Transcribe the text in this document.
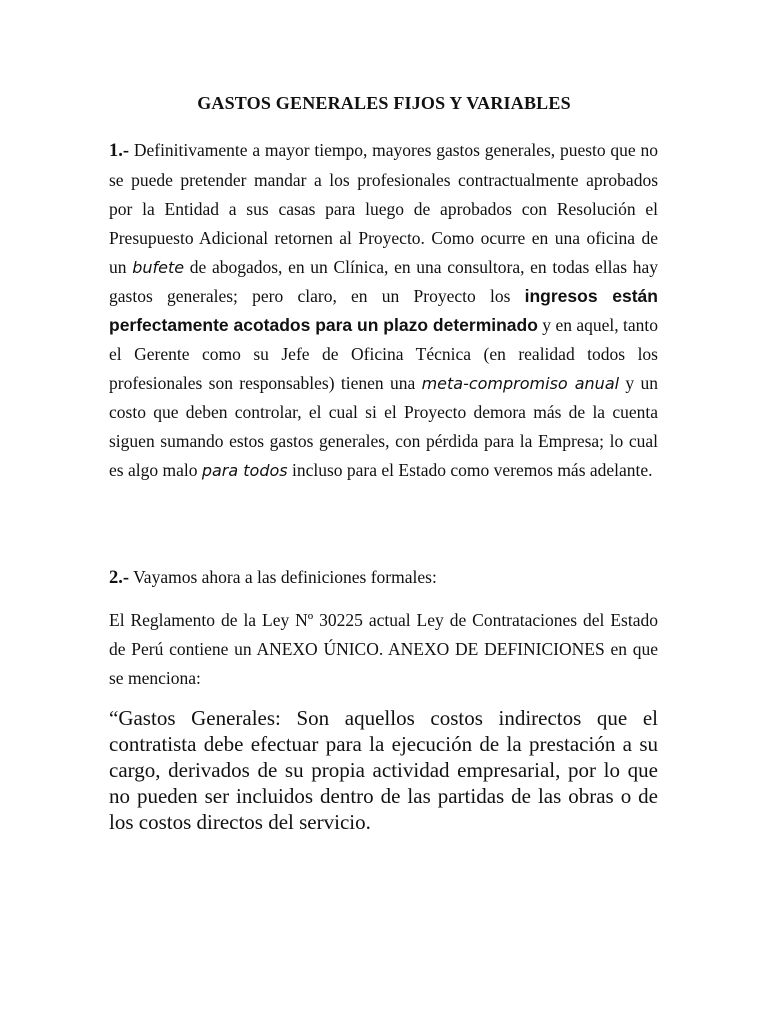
GASTOS GENERALES FIJOS Y VARIABLES

1.- Definitivamente a mayor tiempo, mayores gastos generales, puesto que no se puede pretender mandar a los profesionales contractualmente aprobados por la Entidad a sus casas para luego de aprobados con Resolución el Presupuesto Adicional retornen al Proyecto. Como ocurre en una oficina de un bufete de abogados, en un Clínica, en una consultora, en todas ellas hay gastos generales; pero claro, en un Proyecto los ingresos están perfectamente acotados para un plazo determinado y en aquel, tanto el Gerente como su Jefe de Oficina Técnica (en realidad todos los profesionales son responsables) tienen una meta-compromiso anual y un costo que deben controlar, el cual si el Proyecto demora más de la cuenta siguen sumando estos gastos generales, con pérdida para la Empresa; lo cual es algo malo para todos incluso para el Estado como veremos más adelante.

2.- Vayamos ahora a las definiciones formales:

El Reglamento de la Ley Nº 30225 actual Ley de Contrataciones del Estado de Perú contiene un ANEXO ÚNICO. ANEXO DE DEFINICIONES en que se menciona:

“Gastos Generales: Son aquellos costos indirectos que el contratista debe efectuar para la ejecución de la prestación a su cargo, derivados de su propia actividad empresarial, por lo que no pueden ser incluidos dentro de las partidas de las obras o de los costos directos del servicio.
